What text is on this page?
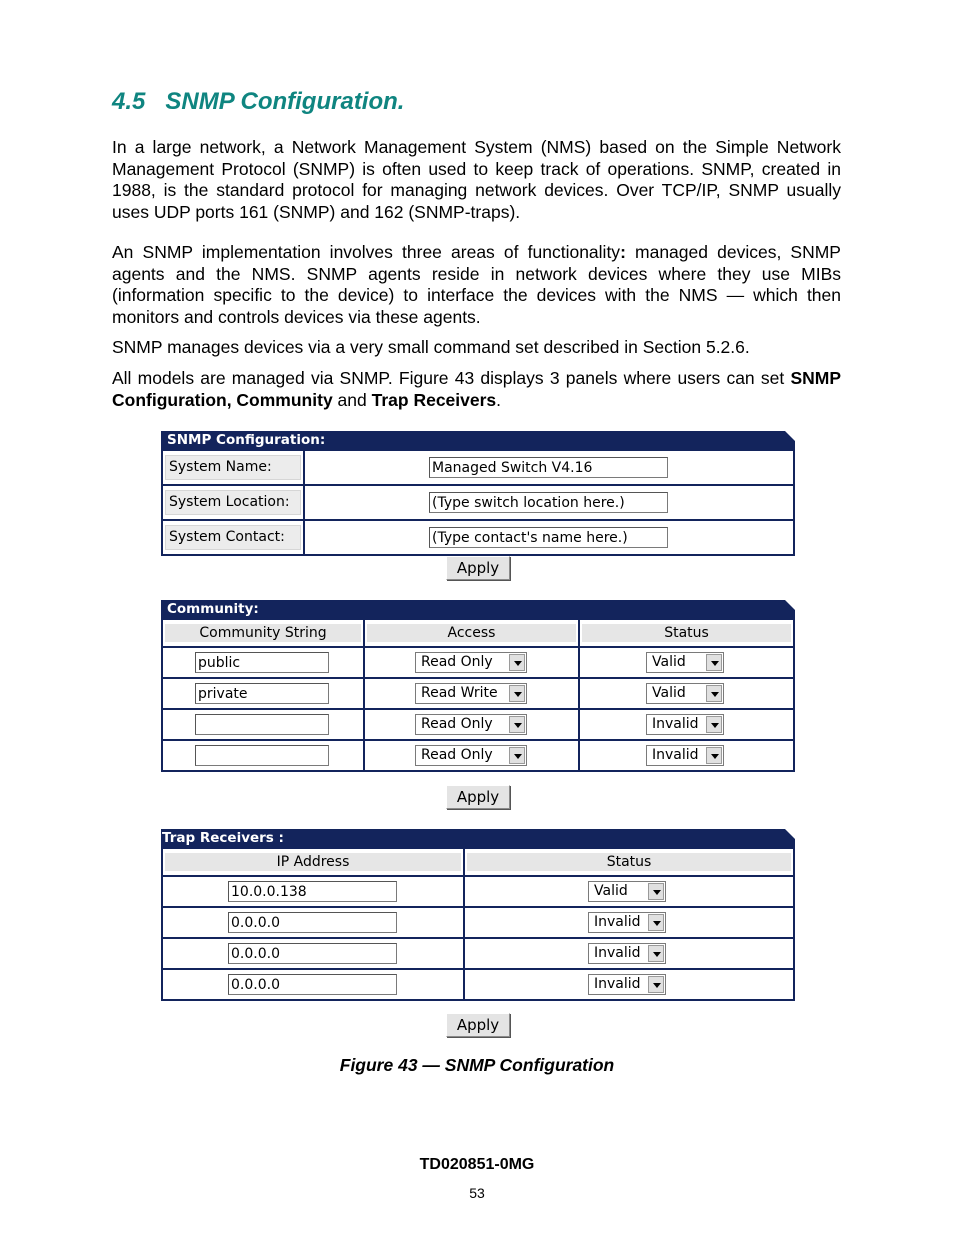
4.5 SNMP Configuration.

In a large network, a Network Management System (NMS) based on the Simple Network Management Protocol (SNMP) is often used to keep track of operations. SNMP, created in 1988, is the standard protocol for managing network devices. Over TCP/IP, SNMP usually uses UDP ports 161 (SNMP) and 162 (SNMP-traps).

An SNMP implementation involves three areas of functionality: managed devices, SNMP agents and the NMS. SNMP agents reside in network devices where they use MIBs (information specific to the device) to interface the devices with the NMS — which then monitors and controls devices via these agents.

SNMP manages devices via a very small command set described in Section 5.2.6.

All models are managed via SNMP. Figure 43 displays 3 panels where users can set SNMP Configuration, Community and Trap Receivers.

SNMP Configuration:
System Name:	Managed Switch V4.16

System Location:	(Type switch location here.)

System Contact:	(Type contact's name here.)
Apply
Community:
Community String	Access	Status

public	Read Only	Valid

private	Read Write	Valid

	Read Only	Invalid

	Read Only	Invalid
Apply
Trap Receivers :
IP Address	Status

10.0.0.138	Valid

0.0.0.0	Invalid

0.0.0.0	Invalid

0.0.0.0	Invalid
Apply
Figure 43 — SNMP Configuration
TD020851-0MG
53
